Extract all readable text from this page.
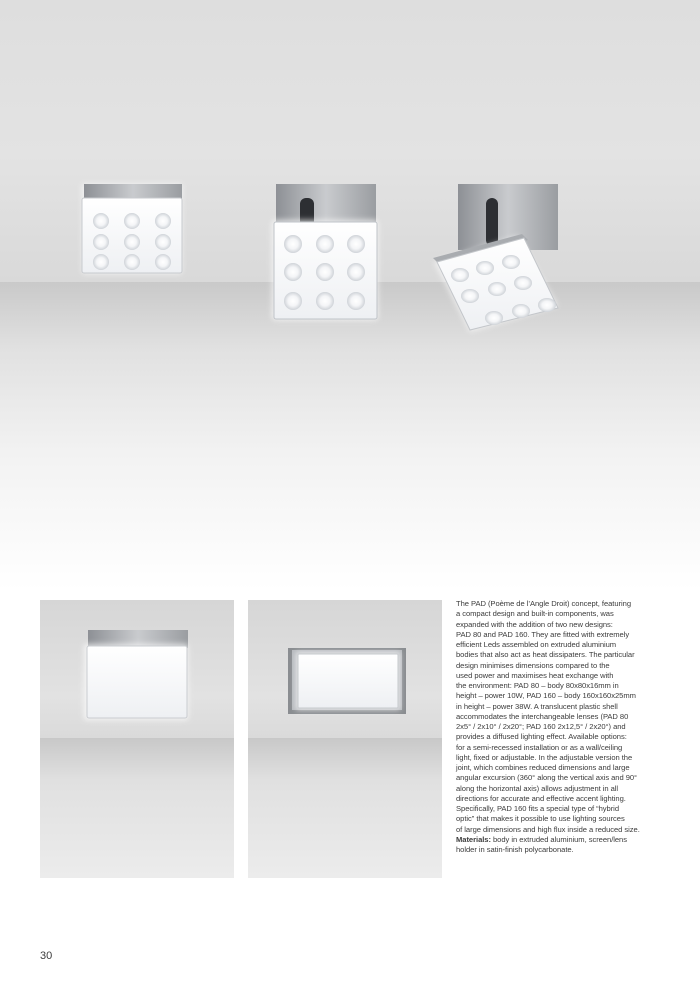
The PAD (Poème de l’Angle Droit) concept, featuring
a compact design and built-in components, was
expanded with the addition of two new designs:
PAD 80 and PAD 160. They are fitted with extremely
efficient Leds assembled on extruded aluminium
bodies that also act as heat dissipaters. The particular
design minimises dimensions compared to the
used power and maximises heat exchange with
the environment: PAD 80 – body 80x80x16mm in
height – power 10W, PAD 160 – body 160x160x25mm
in height – power 38W. A translucent plastic shell
accommodates the interchangeable lenses (PAD 80
2x5° / 2x10° / 2x20°; PAD 160 2x12,5° / 2x20°) and
provides a diffused lighting effect. Available options:
for a semi-recessed installation or as a wall/ceiling
light, fixed or adjustable. In the adjustable version the
joint, which combines reduced dimensions and large
angular excursion (360° along the vertical axis and 90°
along the horizontal axis) allows adjustment in all
directions for accurate and effective accent lighting.
Specifically, PAD 160 fits a special type of “hybrid
optic” that makes it possible to use lighting sources
of large dimensions and high flux inside a reduced size.
Materials: body in extruded aluminium, screen/lens
holder in satin-finish polycarbonate.
30
